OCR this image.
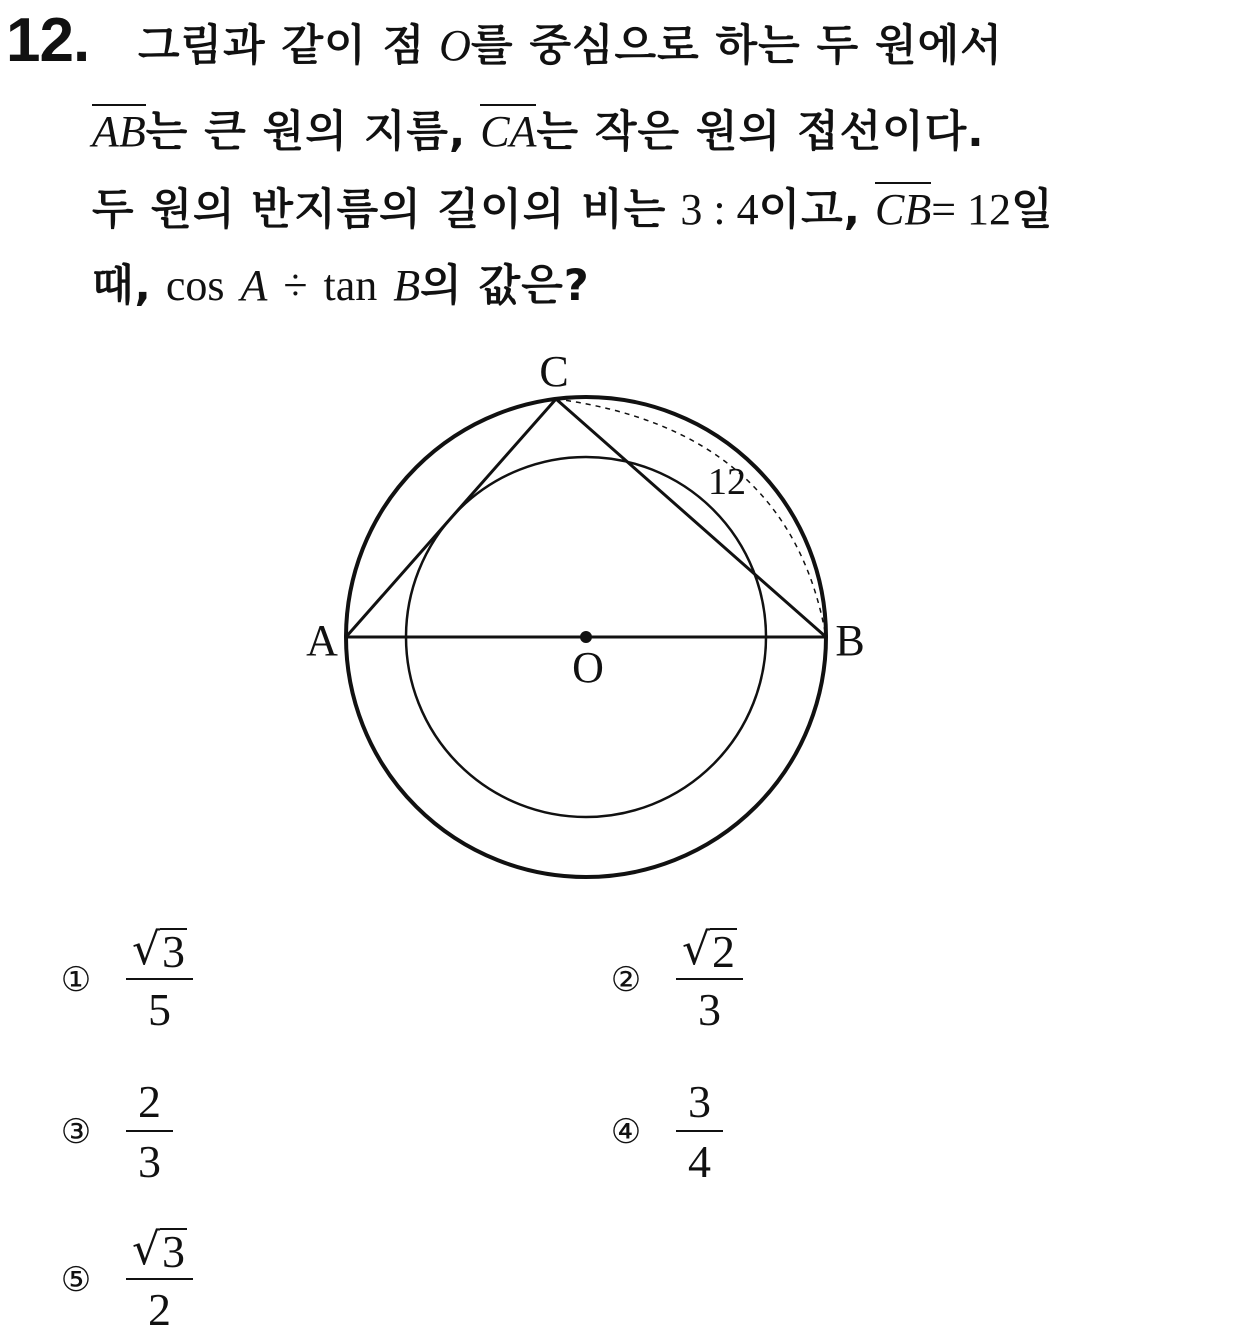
12. 그림과 같이 점 O를 중심으로 하는 두 원에서
AB는 큰 원의 지름, CA는 작은 원의 접선이다.
두 원의 반지름의 길이의 비는 3 : 4이고, CB= 12일
때, cos A ÷ tan B의 값은?
C
A	B
O
12
① $\frac{√ 3}{5}$	② $\frac{√ 2}{3}$
③ $\frac{2}{3}$	④ $\frac{3}{4}$
⑤ $\frac{√ 3}{2}$
